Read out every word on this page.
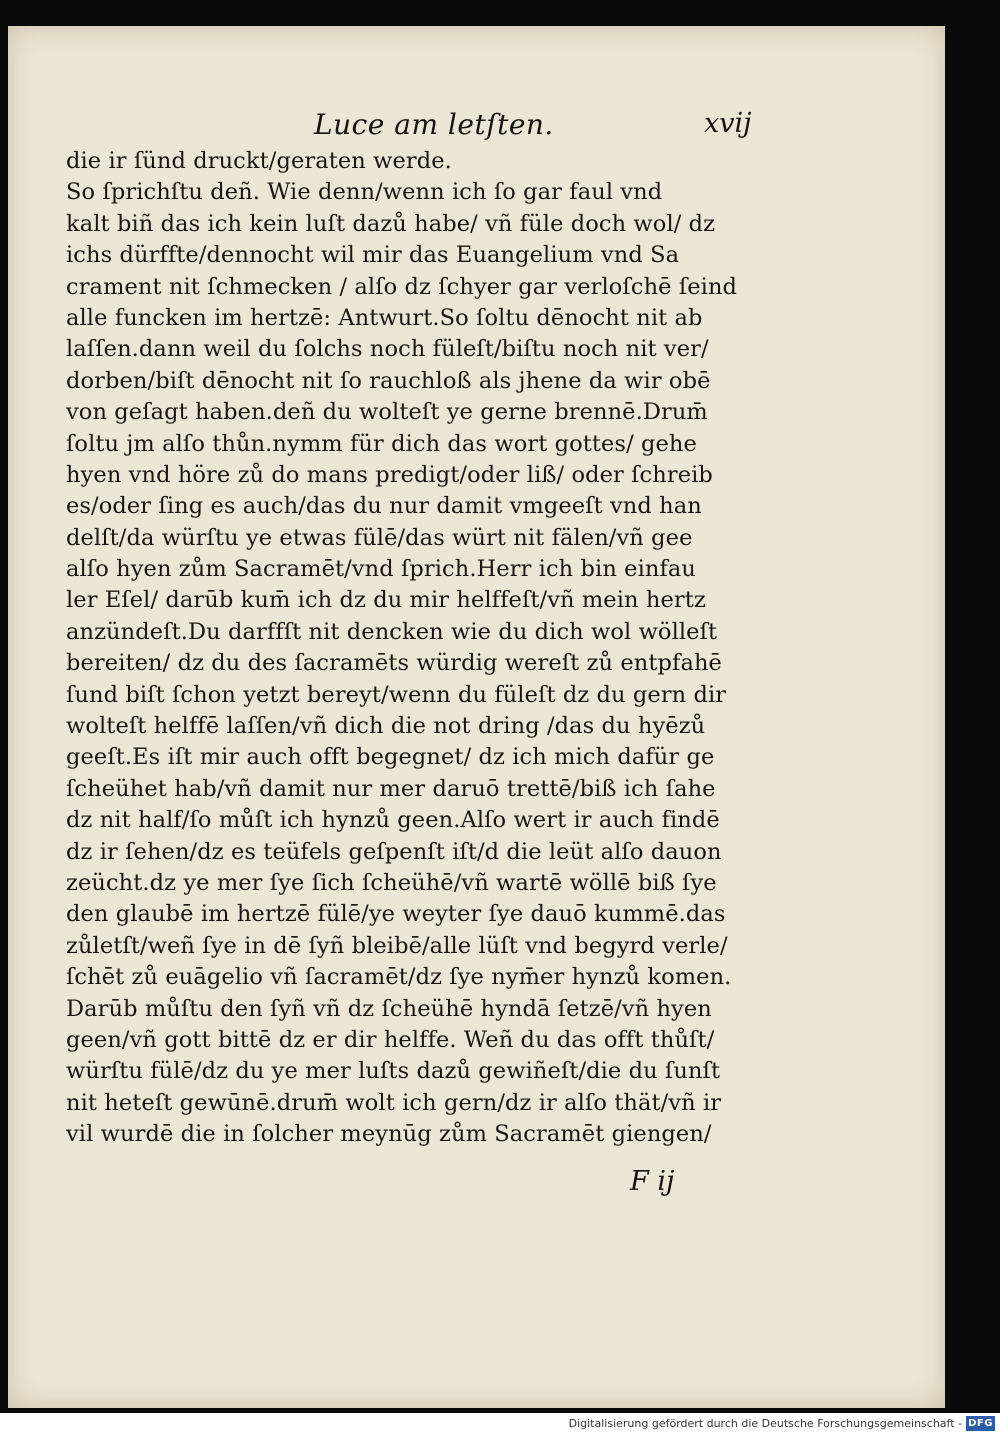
Luce am letſten.	xvij
die ir ſünd druckt/geraten werde.
So ſprichſtu deñ. Wie denn/wenn ich ſo gar faul vnd
kalt biñ das ich kein luſt dazů habe/ vñ füle doch wol/ dz
ichs dürffte/dennocht wil mir das Euangelium vnd Sa
crament nit ſchmecken / alſo dz ſchyer gar verloſchē ſeind
alle funcken im hertzē: Antwurt.So ſoltu dēnocht nit ab
laſſen.dann weil du ſolchs noch füleſt/biſtu noch nit ver/
dorben/biſt dēnocht nit ſo rauchloß als jhene da wir obē
von geſagt haben.deñ du wolteſt ye gerne brennē.Drum̄
ſoltu jm alſo thůn.nymm für dich das wort gottes/ gehe
hyen vnd höre zů do mans predigt/oder liß/ oder ſchreib
es/oder ſing es auch/das du nur damit vmgeeſt vnd han
delſt/da würſtu ye etwas fülē/das würt nit fälen/vñ gee
alſo hyen zům Sacramēt/vnd ſprich.Herr ich bin einfau
ler Eſel/ darūb kum̄ ich dz du mir helffeſt/vñ mein hertz
anzündeſt.Du darffſt nit dencken wie du dich wol wölleſt
bereiten/ dz du des ſacramēts würdig wereſt zů entpfahē
ſund biſt ſchon yetzt bereyt/wenn du füleſt dz du gern dir
wolteſt helffē laſſen/vñ dich die not dring /das du hyēzů
geeſt.Es iſt mir auch offt begegnet/ dz ich mich dafür ge
ſcheühet hab/vñ damit nur mer daruō trettē/biß ich ſahe
dz nit half/ſo můſt ich hynzů geen.Alſo wert ir auch findē
dz ir ſehen/dz es teüfels geſpenſt iſt/d die leüt alſo dauon
zeücht.dz ye mer ſye ſich ſcheühē/vñ wartē wöllē biß ſye
den glaubē im hertzē fülē/ye weyter ſye dauō kummē.das
zůletſt/weñ ſye in dē ſyñ bleibē/alle lüſt vnd begyrd verle/
ſchēt zů euāgelio vñ ſacramēt/dz ſye nym̄er hynzů komen.
Darūb můſtu den ſyñ vñ dz ſcheühē hyndā ſetzē/vñ hyen
geen/vñ gott bittē dz er dir helffe. Weñ du das offt thůſt/
würſtu fülē/dz du ye mer luſts dazů gewiñeſt/die du ſunſt
nit heteſt gewūnē.drum̄ wolt ich gern/dz ir alſo thät/vñ ir
vil wurdē die in ſolcher meynūg zům Sacramēt giengen/
F ij
Digitalisierung gefördert durch die Deutsche Forschungsgemeinschaft - DFG
